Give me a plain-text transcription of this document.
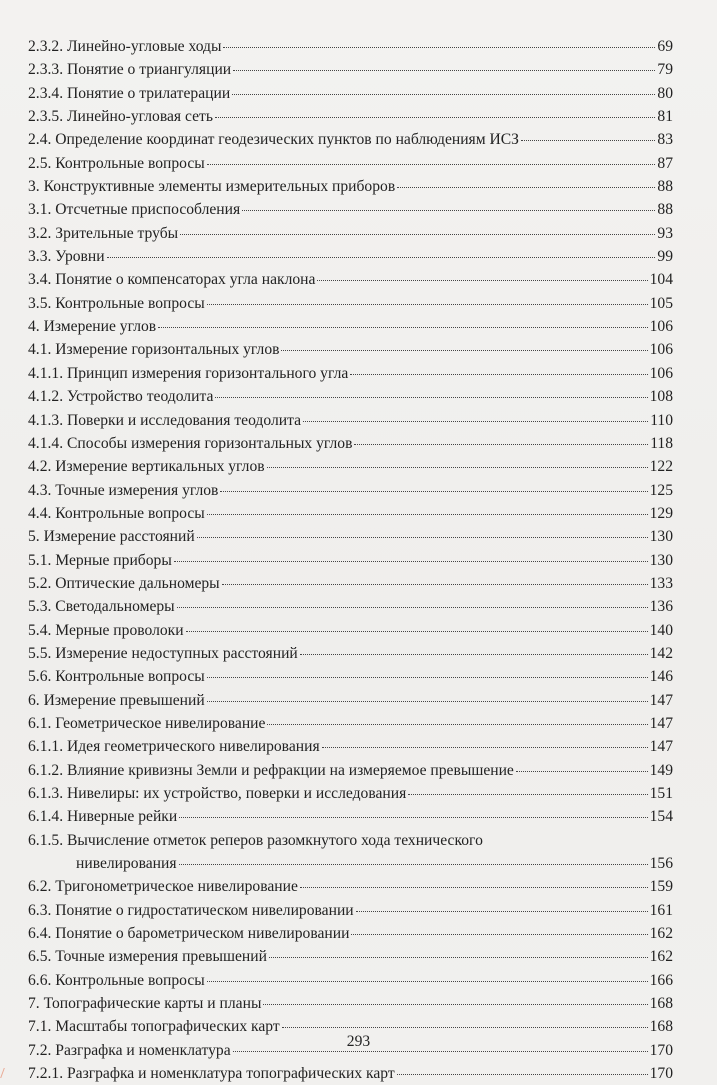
2.3.2. Линейно-угловые ходы	69
2.3.3. Понятие о триангуляции	79
2.3.4. Понятие о трилатерации	80
2.3.5. Линейно-угловая сеть	81
2.4. Определение координат геодезических пунктов по наблюдениям ИСЗ	83
2.5. Контрольные вопросы	87
3. Конструктивные элементы измерительных приборов	88
3.1. Отсчетные приспособления	88
3.2. Зрительные трубы	93
3.3. Уровни	99
3.4. Понятие о компенсаторах угла наклона	104
3.5. Контрольные вопросы	105
4. Измерение углов	106
4.1. Измерение горизонтальных углов	106
4.1.1. Принцип измерения горизонтального угла	106
4.1.2. Устройство теодолита	108
4.1.3. Поверки и исследования теодолита	110
4.1.4. Способы измерения горизонтальных углов	118
4.2. Измерение вертикальных углов	122
4.3. Точные измерения углов	125
4.4. Контрольные вопросы	129
5. Измерение расстояний	130
5.1. Мерные приборы	130
5.2. Оптические дальномеры	133
5.3. Светодальномеры	136
5.4. Мерные проволоки	140
5.5. Измерение недоступных расстояний	142
5.6. Контрольные вопросы	146
6. Измерение превышений	147
6.1. Геометрическое нивелирование	147
6.1.1. Идея геометрического нивелирования	147
6.1.2. Влияние кривизны Земли и рефракции на измеряемое превышение	149
6.1.3. Нивелиры: их устройство, поверки и исследования	151
6.1.4. Ниверные рейки	154
6.1.5. Вычисление отметок реперов разомкнутого хода технического
нивелирования	156
6.2. Тригонометрическое нивелирование	159
6.3. Понятие о гидростатическом нивелировании	161
6.4. Понятие о барометрическом нивелировании	162
6.5. Точные измерения превышений	162
6.6. Контрольные вопросы	166
7. Топографические карты и планы	168
7.1. Масштабы топографических карт	168
7.2. Разграфка и номенклатура	170
7.2.1. Разграфка и номенклатура топографических карт	170
293
